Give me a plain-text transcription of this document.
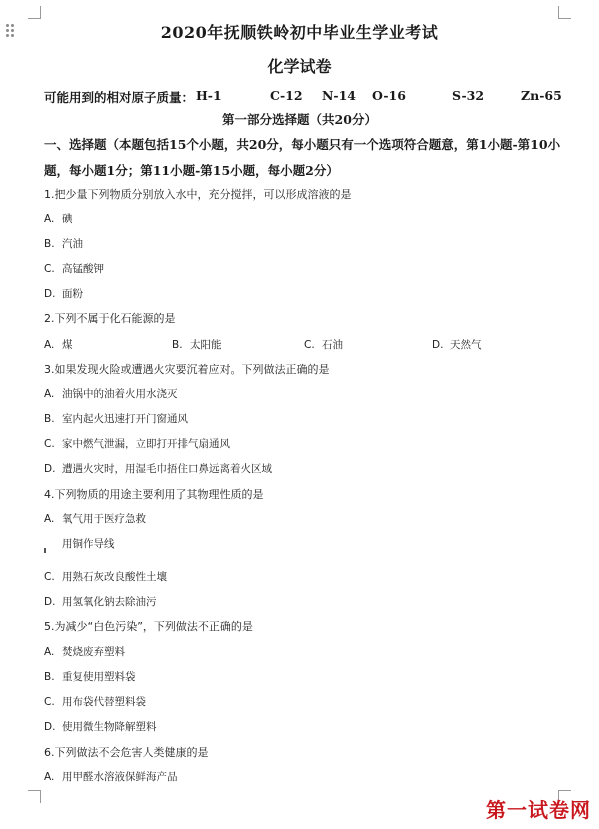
2020年抚顺铁岭初中毕业生学业考试
化学试卷
可能用到的相对原子质量： H-1	C-12 N-14 O-16	S-32	Zn-65
第一部分选择题（共20分）
一、选择题（本题包括15个小题，共20分，每小题只有一个选项符合题意，第1小题-第10小题，每小题1分；第11小题-第15小题，每小题2分）
1.把少量下列物质分别放入水中，充分搅拌，可以形成溶液的是
A. 碘
B. 汽油
C. 高锰酸钾
D. 面粉
2.下列不属于化石能源的是
A. 煤	B. 太阳能	C. 石油	D. 天然气
3.如果发现火险或遭遇火灾要沉着应对。下列做法正确的是
A. 油锅中的油着火用水浇灭
B. 室内起火迅速打开门窗通风
C. 家中燃气泄漏，立即打开排气扇通风
D. 遭遇火灾时，用湿毛巾捂住口鼻远离着火区域
4.下列物质的用途主要利用了其物理性质的是
A. 氧气用于医疗急救
用铜作导线
C. 用熟石灰改良酸性土壤
D. 用氢氧化钠去除油污
5.为减少“白色污染”，下列做法不正确的是
A. 焚烧废弃塑料
B. 重复使用塑料袋
C. 用布袋代替塑料袋
D. 使用微生物降解塑料
6.下列做法不会危害人类健康的是
A. 用甲醛水溶液保鲜海产品
第一试卷网
